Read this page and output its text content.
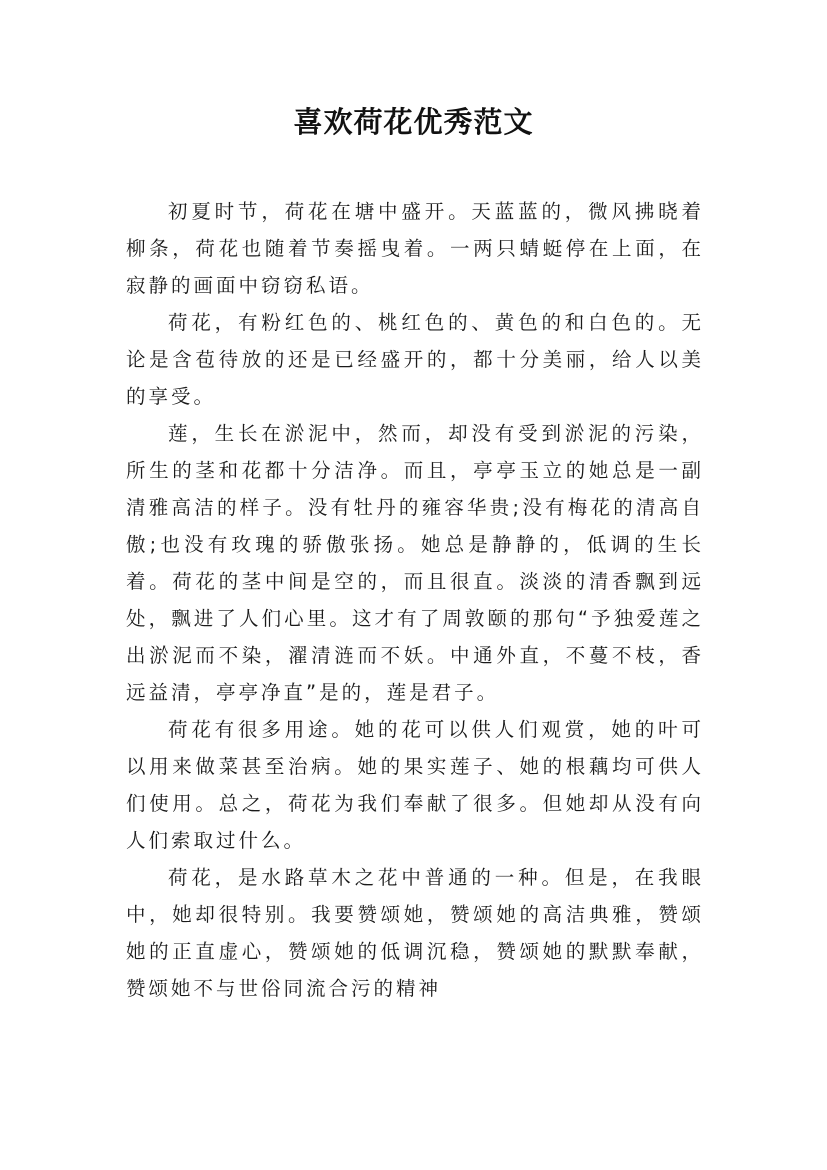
喜欢荷花优秀范文

初夏时节，荷花在塘中盛开。天蓝蓝的，微风拂晓着柳条，荷花也随着节奏摇曳着。一两只蜻蜓停在上面，在寂静的画面中窃窃私语。

荷花，有粉红色的、桃红色的、黄色的和白色的。无论是含苞待放的还是已经盛开的，都十分美丽，给人以美的享受。

莲，生长在淤泥中，然而，却没有受到淤泥的污染，所生的茎和花都十分洁净。而且，亭亭玉立的她总是一副清雅高洁的样子。没有牡丹的雍容华贵;没有梅花的清高自傲;也没有玫瑰的骄傲张扬。她总是静静的，低调的生长着。荷花的茎中间是空的，而且很直。淡淡的清香飘到远处，飘进了人们心里。这才有了周敦颐的那句“予独爱莲之出淤泥而不染，濯清涟而不妖。中通外直，不蔓不枝，香远益清，亭亭净直”是的，莲是君子。

荷花有很多用途。她的花可以供人们观赏，她的叶可以用来做菜甚至治病。她的果实莲子、她的根藕均可供人们使用。总之，荷花为我们奉献了很多。但她却从没有向人们索取过什么。

荷花，是水路草木之花中普通的一种。但是，在我眼中，她却很特别。我要赞颂她，赞颂她的高洁典雅，赞颂她的正直虚心，赞颂她的低调沉稳，赞颂她的默默奉献，赞颂她不与世俗同流合污的精神
